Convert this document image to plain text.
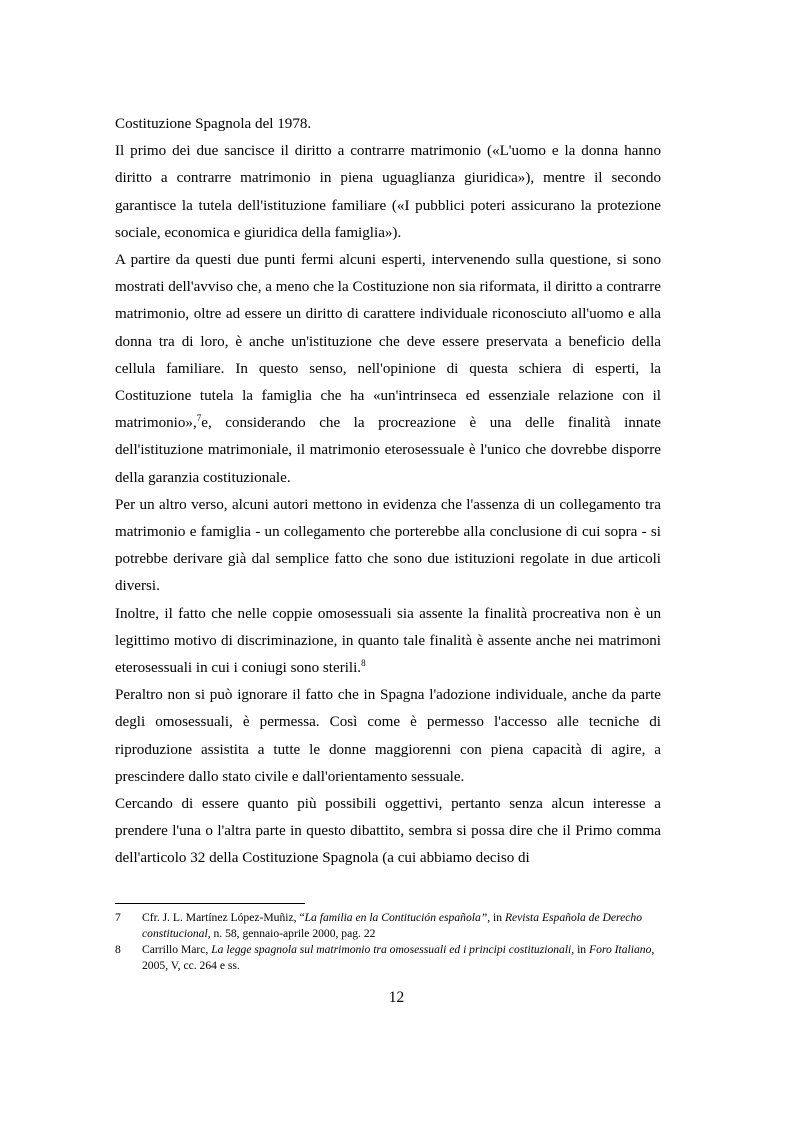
Costituzione Spagnola del 1978.

Il primo dei due sancisce il diritto a contrarre matrimonio («L'uomo e la donna hanno diritto a contrarre matrimonio in piena uguaglianza giuridica»), mentre il secondo garantisce la tutela dell'istituzione familiare («I pubblici poteri assicurano la protezione sociale, economica e giuridica della famiglia»).

A partire da questi due punti fermi alcuni esperti, intervenendo sulla questione, si sono mostrati dell'avviso che, a meno che la Costituzione non sia riformata, il diritto a contrarre matrimonio, oltre ad essere un diritto di carattere individuale riconosciuto all'uomo e alla donna tra di loro, è anche un'istituzione che deve essere preservata a beneficio della cellula familiare. In questo senso, nell'opinione di questa schiera di esperti, la Costituzione tutela la famiglia che ha «un'intrinseca ed essenziale relazione con il matrimonio»,$^7$e, considerando che la procreazione è una delle finalità innate dell'istituzione matrimoniale, il matrimonio eterosessuale è l'unico che dovrebbe disporre della garanzia costituzionale.

Per un altro verso, alcuni autori mettono in evidenza che l'assenza di un collegamento tra matrimonio e famiglia - un collegamento che porterebbe alla conclusione di cui sopra - si potrebbe derivare già dal semplice fatto che sono due istituzioni regolate in due articoli diversi.

Inoltre, il fatto che nelle coppie omosessuali sia assente la finalità procreativa non è un legittimo motivo di discriminazione, in quanto tale finalità è assente anche nei matrimoni eterosessuali in cui i coniugi sono sterili.$^8$

Peraltro non si può ignorare il fatto che in Spagna l'adozione individuale, anche da parte degli omosessuali, è permessa. Così come è permesso l'accesso alle tecniche di riproduzione assistita a tutte le donne maggiorenni con piena capacità di agire, a prescindere dallo stato civile e dall'orientamento sessuale.

Cercando di essere quanto più possibili oggettivi, pertanto senza alcun interesse a prendere l'una o l'altra parte in questo dibattito, sembra si possa dire che il Primo comma dell'articolo 32 della Costituzione Spagnola (a cui abbiamo deciso di

7	Cfr. J. L. Martínez López-Muñiz, “La familia en la Contitución española”, in Revista Española de Derecho constitucional, n. 58, gennaio-aprile 2000, pag. 22
8	Carrillo Marc, La legge spagnola sul matrimonio tra omosessuali ed i principi costituzionali, in Foro Italiano, 2005, V, cc. 264 e ss.
12
